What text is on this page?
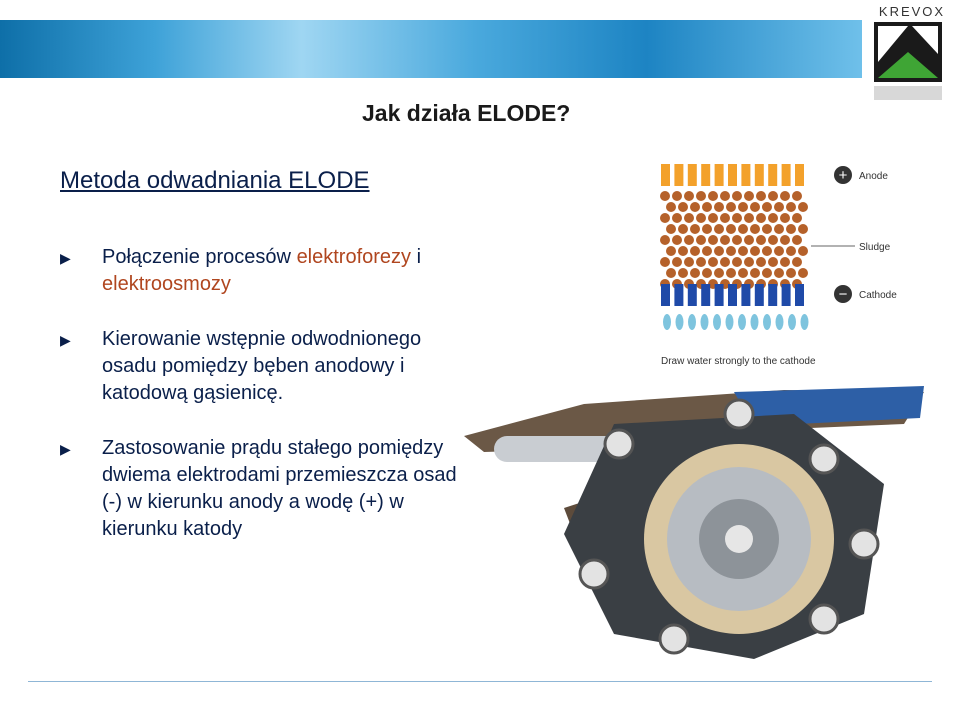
KREVOX
Jak działa ELODE?
Metoda odwadniania ELODE
▶ Połączenie procesów elektroforezy i elektroosmozy
▶ Kierowanie wstępnie odwodnionego osadu pomiędzy bęben anodowy i katodową gąsienicę.
▶ Zastosowanie prądu stałego pomiędzy dwiema elektrodami przemieszcza osad (-) w kierunku anody a wodę (+) w kierunku katody
+ Anode
Sludge
− Cathode
Draw water strongly to the cathode
